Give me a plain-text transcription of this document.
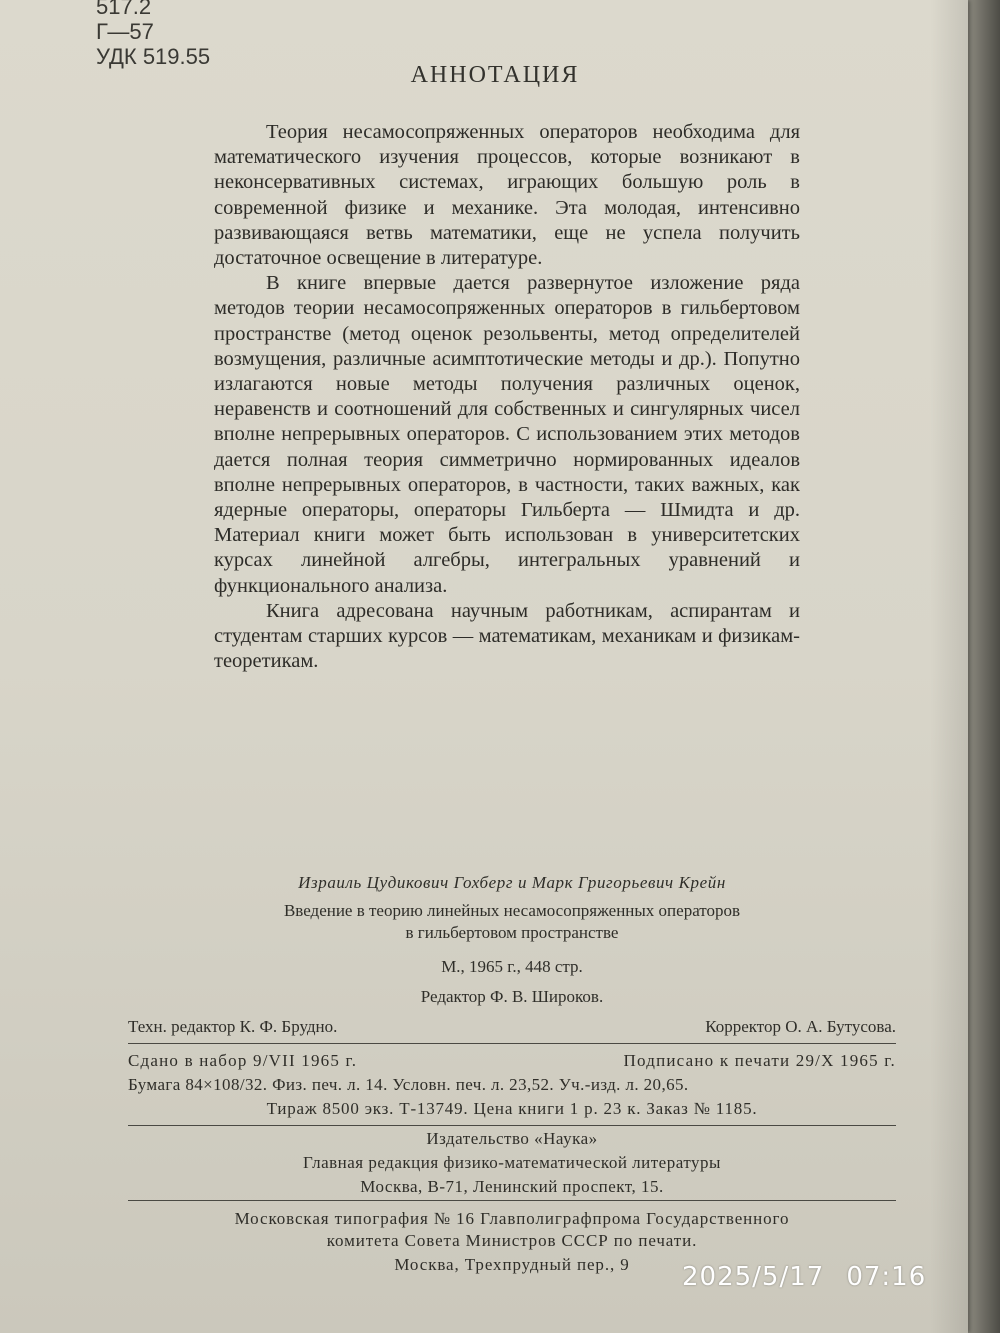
517.2
Г—57
УДК 519.55
АННОТАЦИЯ

Теория несамосопряженных операторов необходима для математического изучения процессов, которые возникают в неконсервативных системах, играющих большую роль в современной физике и механике. Эта молодая, интенсивно развивающаяся ветвь математики, еще не успела получить достаточное освещение в литературе.

В книге впервые дается развернутое изложение ряда методов теории несамосопряженных операторов в гильбертовом пространстве (метод оценок резольвенты, метод определителей возмущения, различные асимптотические методы и др.). Попутно излагаются новые методы получения различных оценок, неравенств и соотношений для собственных и сингулярных чисел вполне непрерывных операторов. С использованием этих методов дается полная теория симметрично нормированных идеалов вполне непрерывных операторов, в частности, таких важных, как ядерные операторы, операторы Гильберта — Шмидта и др. Материал книги может быть использован в университетских курсах линейной алгебры, интегральных уравнений и функционального анализа.

Книга адресована научным работникам, аспирантам и студентам старших курсов — математикам, механикам и физикам-теоретикам.

Израиль Цудикович Гохберг и Марк Григорьевич Крейн
Введение в теорию линейных несамосопряженных операторов
в гильбертовом пространстве
М., 1965 г., 448 стр.
Редактор Ф. В. Широков.
Техн. редактор К. Ф. Брудно.	Корректор О. А. Бутусова.
Сдано в набор 9/VII 1965 г.	Подписано к печати 29/X 1965 г.
Бумага 84×108/32. Физ. печ. л. 14. Условн. печ. л. 23,52. Уч.-изд. л. 20,65.
Тираж 8500 экз. Т-13749. Цена книги 1 р. 23 к. Заказ № 1185.
Издательство «Наука»
Главная редакция физико-математической литературы
Москва, В-71, Ленинский проспект, 15.
Московская типография № 16 Главполиграфпрома Государственного
комитета Совета Министров СССР по печати.
Москва, Трехпрудный пер., 9	2025/5/17 07:16
